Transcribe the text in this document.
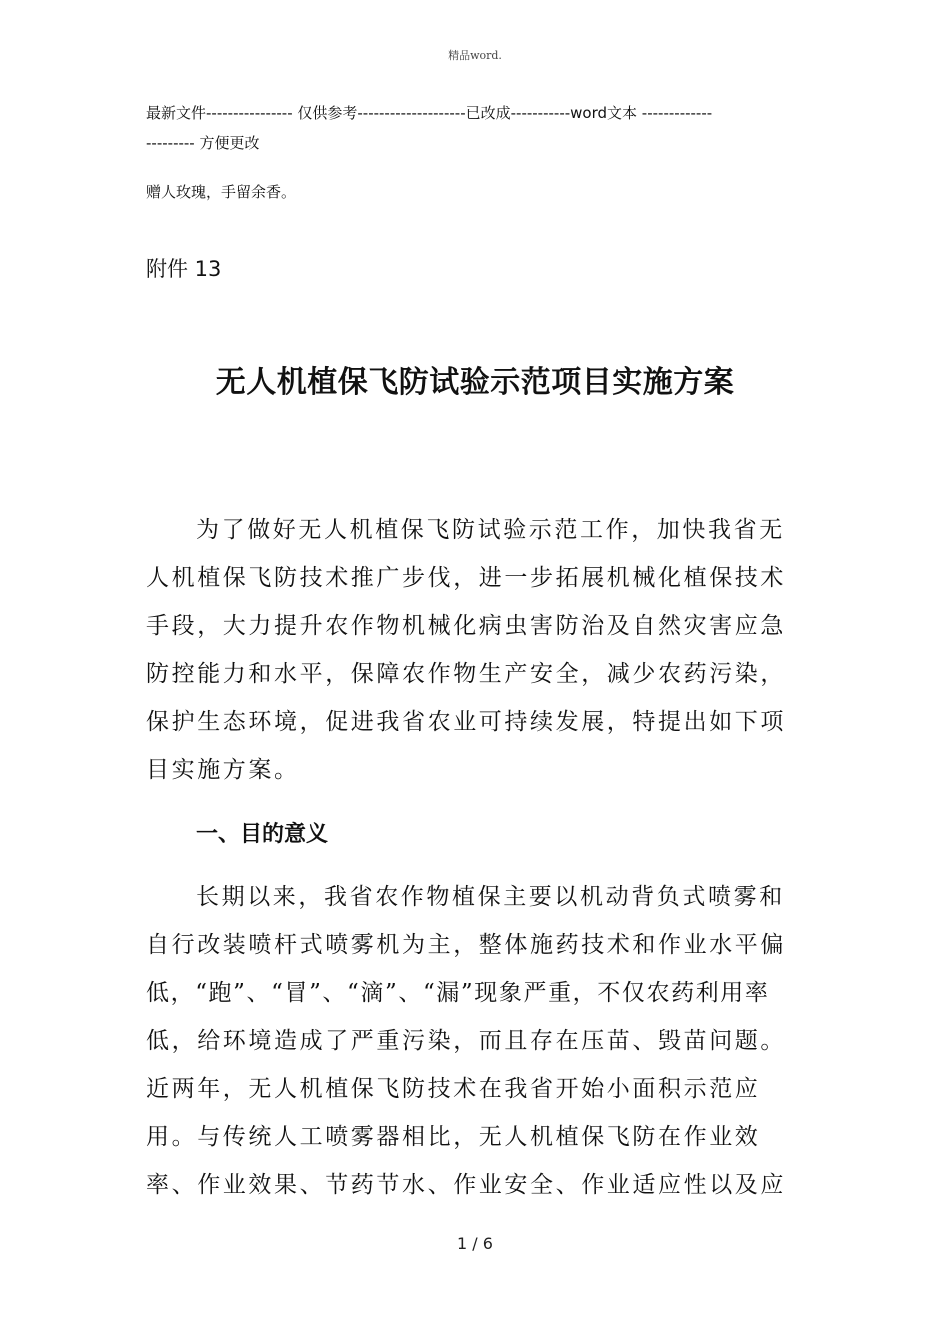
精品word.
最新文件---------------- 仅供参考--------------------已改成-----------word文本 -------------
--------- 方便更改
赠人玫瑰，手留余香。
附件 13
无人机植保飞防试验示范项目实施方案
为了做好无人机植保飞防试验示范工作，加快我省无
人机植保飞防技术推广步伐，进一步拓展机械化植保技术
手段，大力提升农作物机械化病虫害防治及自然灾害应急
防控能力和水平，保障农作物生产安全，减少农药污染，
保护生态环境，促进我省农业可持续发展，特提出如下项
目实施方案。
一、目的意义
长期以来，我省农作物植保主要以机动背负式喷雾和
自行改装喷杆式喷雾机为主，整体施药技术和作业水平偏
低，“跑”、“冒”、“滴”、“漏”现象严重，不仅农药利用率
低，给环境造成了严重污染，而且存在压苗、毁苗问题。
近两年，无人机植保飞防技术在我省开始小面积示范应
用。与传统人工喷雾器相比，无人机植保飞防在作业效
率、作业效果、节药节水、作业安全、作业适应性以及应
1 / 6
